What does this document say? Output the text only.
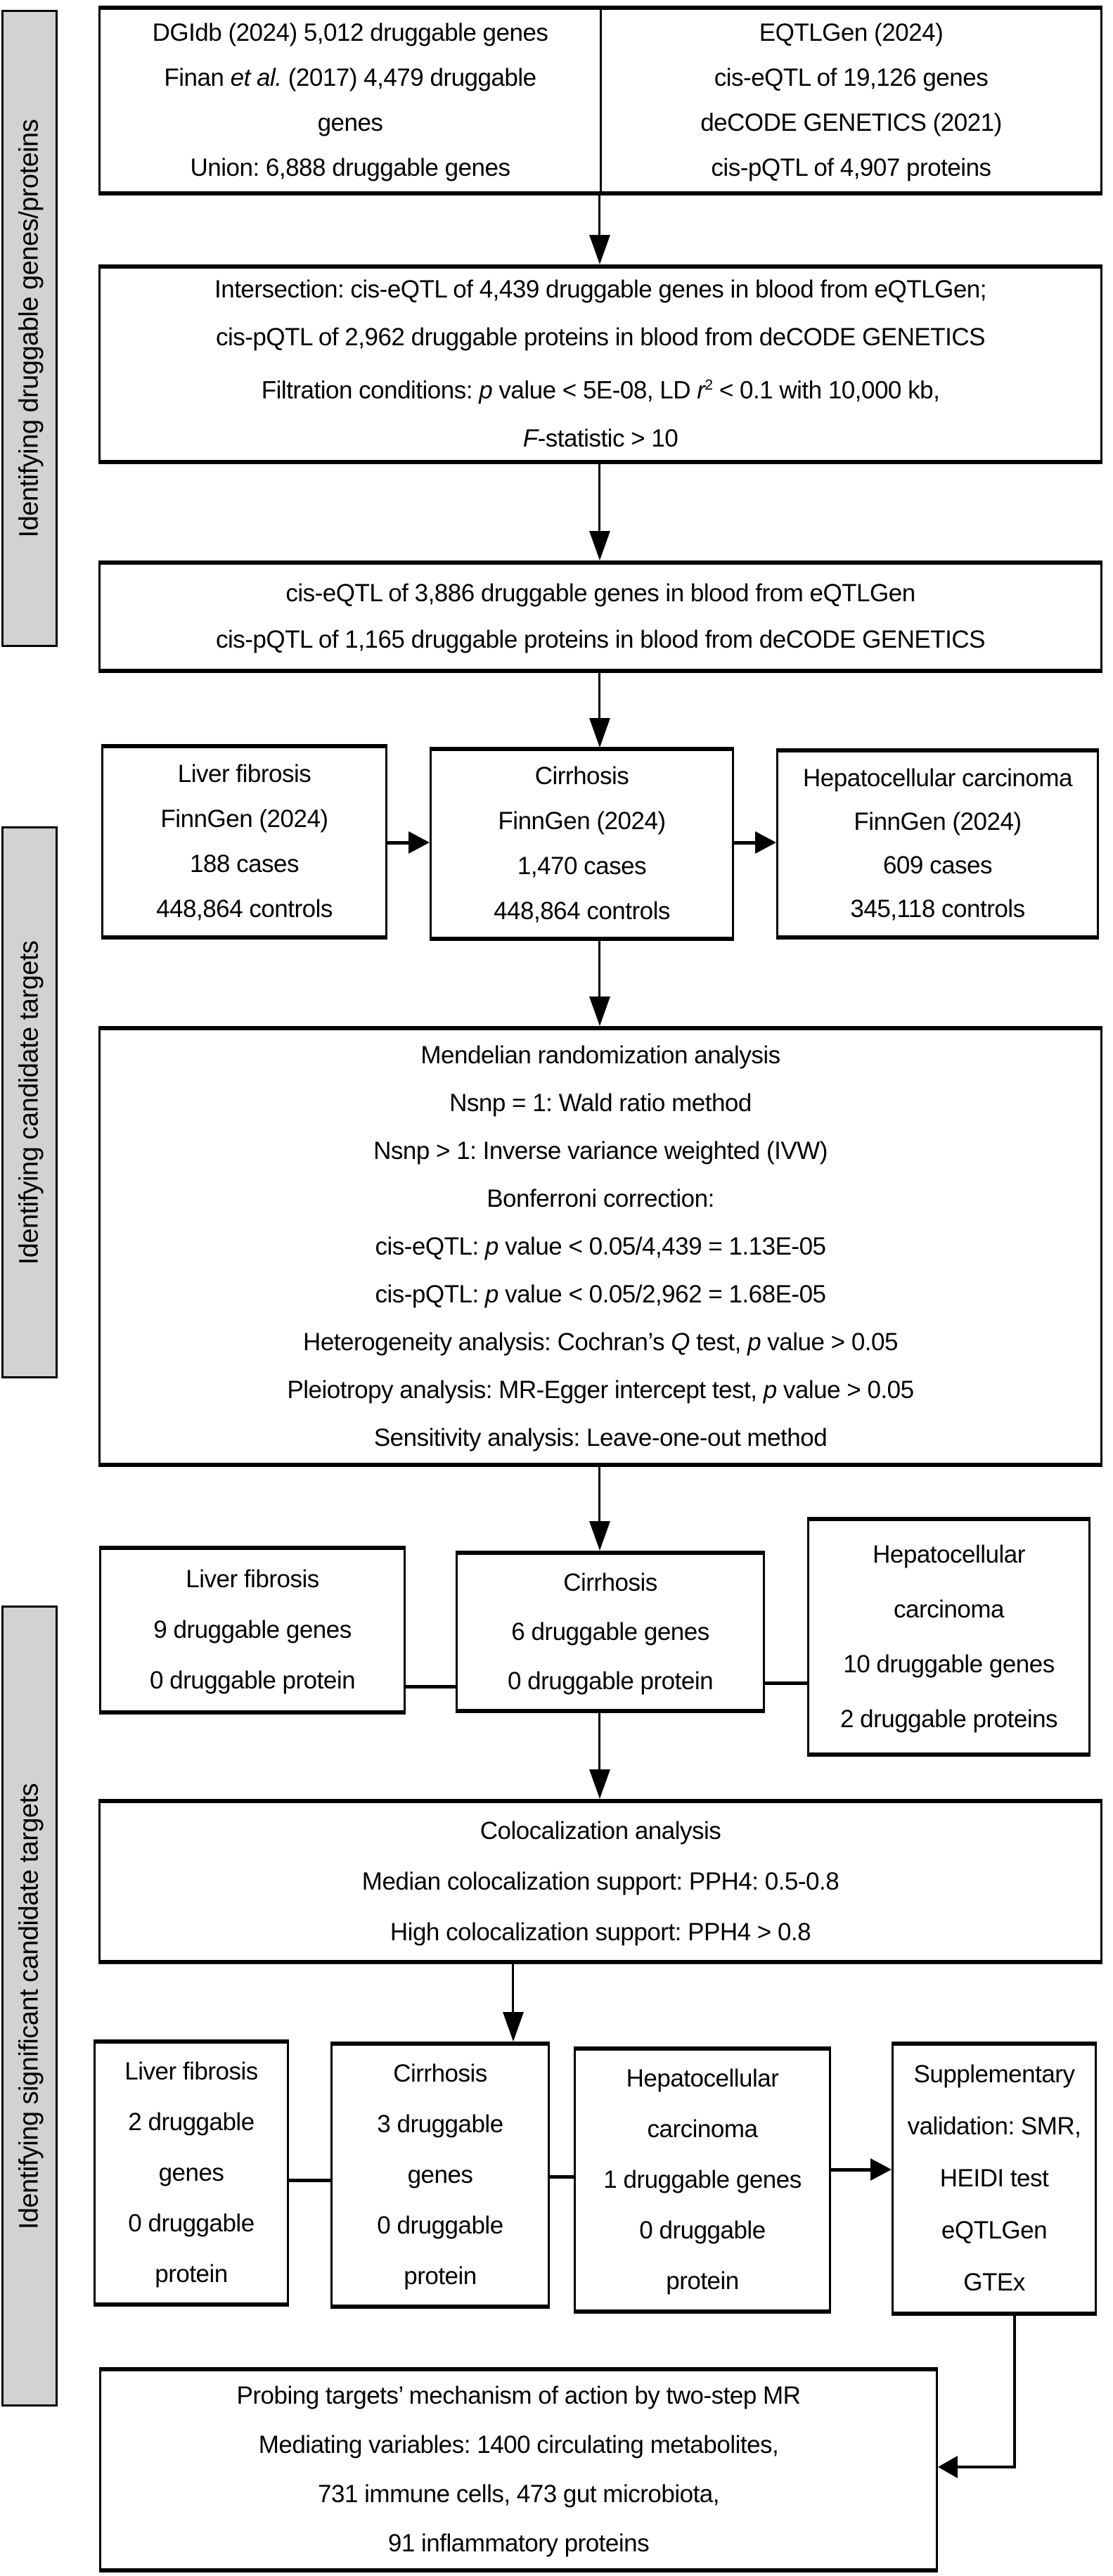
Identifying druggable genes/proteins
Identifying candidate targets
Identifying significant candidate targets
DGIdb (2024) 5,012 druggable genes
Finan et al. (2017) 4,479 druggable
genes
Union: 6,888 druggable genes
EQTLGen (2024)
cis-eQTL of 19,126 genes
deCODE GENETICS (2021)
cis-pQTL of 4,907 proteins
Intersection: cis-eQTL of 4,439 druggable genes in blood from eQTLGen;
cis-pQTL of 2,962 druggable proteins in blood from deCODE GENETICS
Filtration conditions: p value < 5E-08, LD $r^2 < 0.1$ with 10,000 kb,
F-statistic > 10
cis-eQTL of 3,886 druggable genes in blood from eQTLGen
cis-pQTL of 1,165 druggable proteins in blood from deCODE GENETICS
Liver fibrosis
FinnGen (2024)
188 cases
448,864 controls
Cirrhosis
FinnGen (2024)
1,470 cases
448,864 controls
Hepatocellular carcinoma
FinnGen (2024)
609 cases
345,118 controls
Mendelian randomization analysis
Nsnp = 1: Wald ratio method
Nsnp > 1: Inverse variance weighted (IVW)
Bonferroni correction:
cis-eQTL: p value < 0.05/4,439 = 1.13E-05
cis-pQTL: p value < 0.05/2,962 = 1.68E-05
Heterogeneity analysis: Cochran’s Q test, p value > 0.05
Pleiotropy analysis: MR-Egger intercept test, p value > 0.05
Sensitivity analysis: Leave-one-out method
Liver fibrosis
9 druggable genes
0 druggable protein
Cirrhosis
6 druggable genes
0 druggable protein
Hepatocellular
carcinoma
10 druggable genes
2 druggable proteins
Colocalization analysis
Median colocalization support: PPH4: 0.5-0.8
High colocalization support: PPH4 > 0.8
Liver fibrosis
2 druggable
genes
0 druggable
protein
Cirrhosis
3 druggable
genes
0 druggable
protein
Hepatocellular
carcinoma
1 druggable genes
0 druggable
protein
Supplementary
validation: SMR,
HEIDI test
eQTLGen
GTEx
Probing targets’ mechanism of action by two-step MR
Mediating variables: 1400 circulating metabolites,
731 immune cells, 473 gut microbiota,
91 inflammatory proteins
